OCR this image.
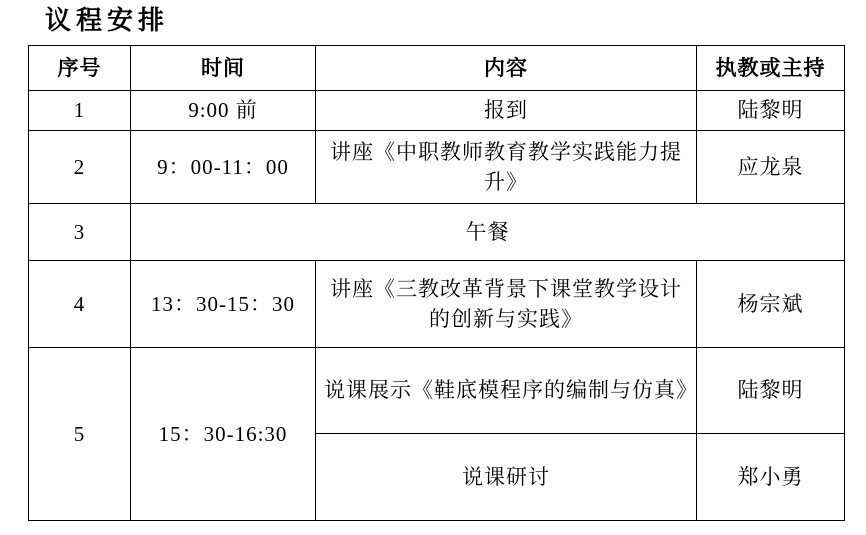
议程安排
序号	时间	内容	执教或主持
1	9:00 前	报到	陆黎明
2	9：00-11：00	讲座《中职教师教育教学实践能力提升》	应龙泉
3	午餐		
4	13：30-15：30	讲座《三教改革背景下课堂教学设计的创新与实践》	杨宗斌
5	15：30-16:30	说课展示《鞋底模程序的编制与仿真》	陆黎明
		说课研讨	郑小勇
